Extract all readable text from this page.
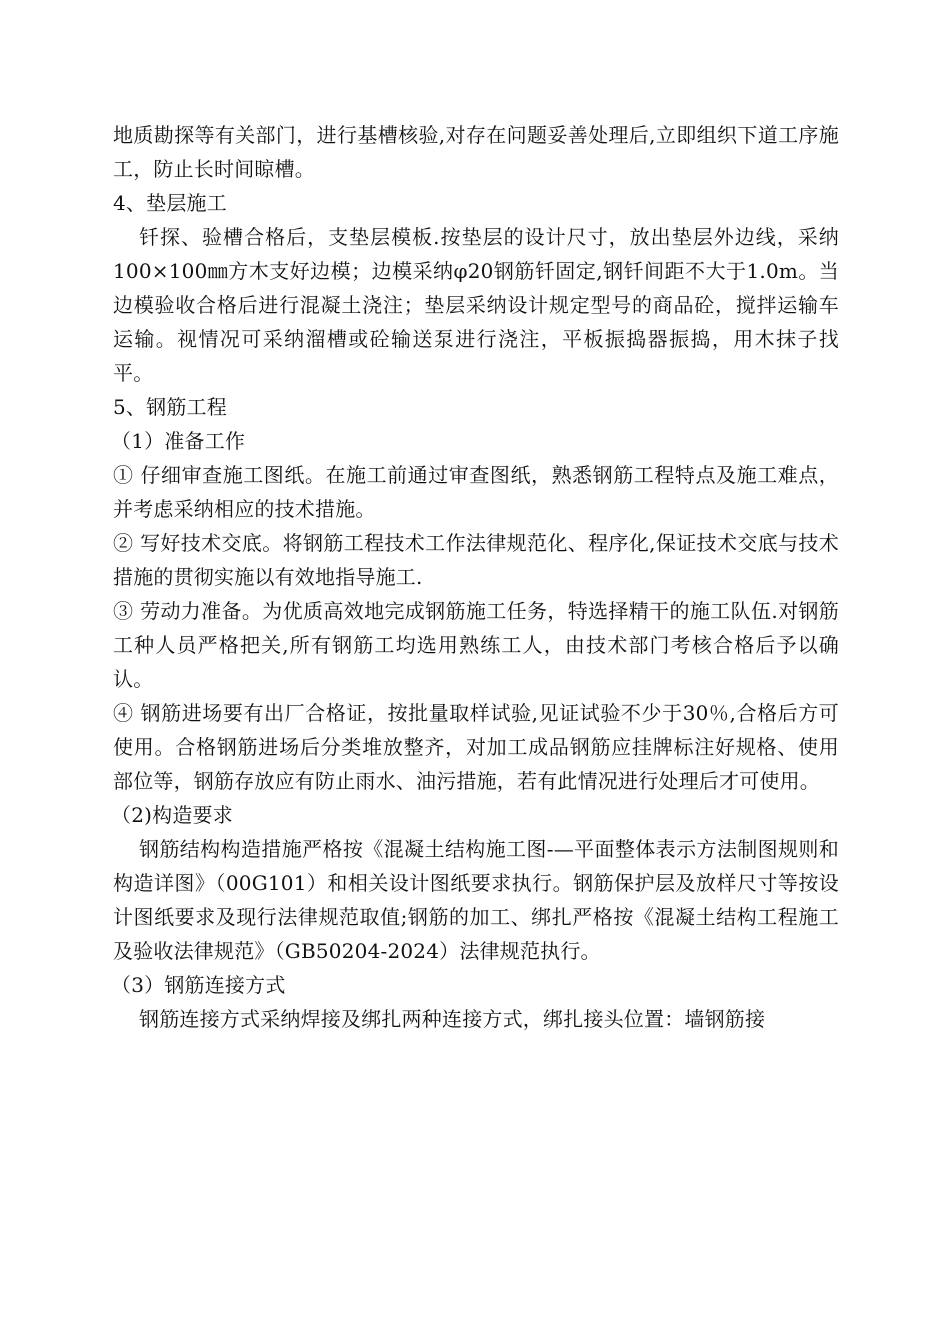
地质勘探等有关部门，进行基槽核验,对存在问题妥善处理后,立即组织下道工序施工，防止长时间晾槽。

4、垫层施工

钎探、验槽合格后，支垫层模板.按垫层的设计尺寸，放出垫层外边线，采纳100×100㎜方木支好边模；边模采纳φ20钢筋钎固定,钢钎间距不大于1.0m。当边模验收合格后进行混凝土浇注；垫层采纳设计规定型号的商品砼，搅拌运输车运输。视情况可采纳溜槽或砼输送泵进行浇注，平板振捣器振捣，用木抹子找平。

5、钢筋工程

（1）准备工作

① 仔细审查施工图纸。在施工前通过审查图纸，熟悉钢筋工程特点及施工难点，并考虑采纳相应的技术措施。

② 写好技术交底。将钢筋工程技术工作法律规范化、程序化,保证技术交底与技术措施的贯彻实施以有效地指导施工.

③ 劳动力准备。为优质高效地完成钢筋施工任务，特选择精干的施工队伍.对钢筋工种人员严格把关,所有钢筋工均选用熟练工人，由技术部门考核合格后予以确认。

④ 钢筋进场要有出厂合格证，按批量取样试验,见证试验不少于30％,合格后方可使用。合格钢筋进场后分类堆放整齐，对加工成品钢筋应挂牌标注好规格、使用部位等，钢筋存放应有防止雨水、油污措施，若有此情况进行处理后才可使用。

（2)构造要求

钢筋结构构造措施严格按《混凝土结构施工图-—平面整体表示方法制图规则和构造详图》（00G101）和相关设计图纸要求执行。钢筋保护层及放样尺寸等按设计图纸要求及现行法律规范取值;钢筋的加工、绑扎严格按《混凝土结构工程施工及验收法律规范》（GB50204-2024）法律规范执行。

（3）钢筋连接方式

钢筋连接方式采纳焊接及绑扎两种连接方式，绑扎接头位置：墙钢筋接
